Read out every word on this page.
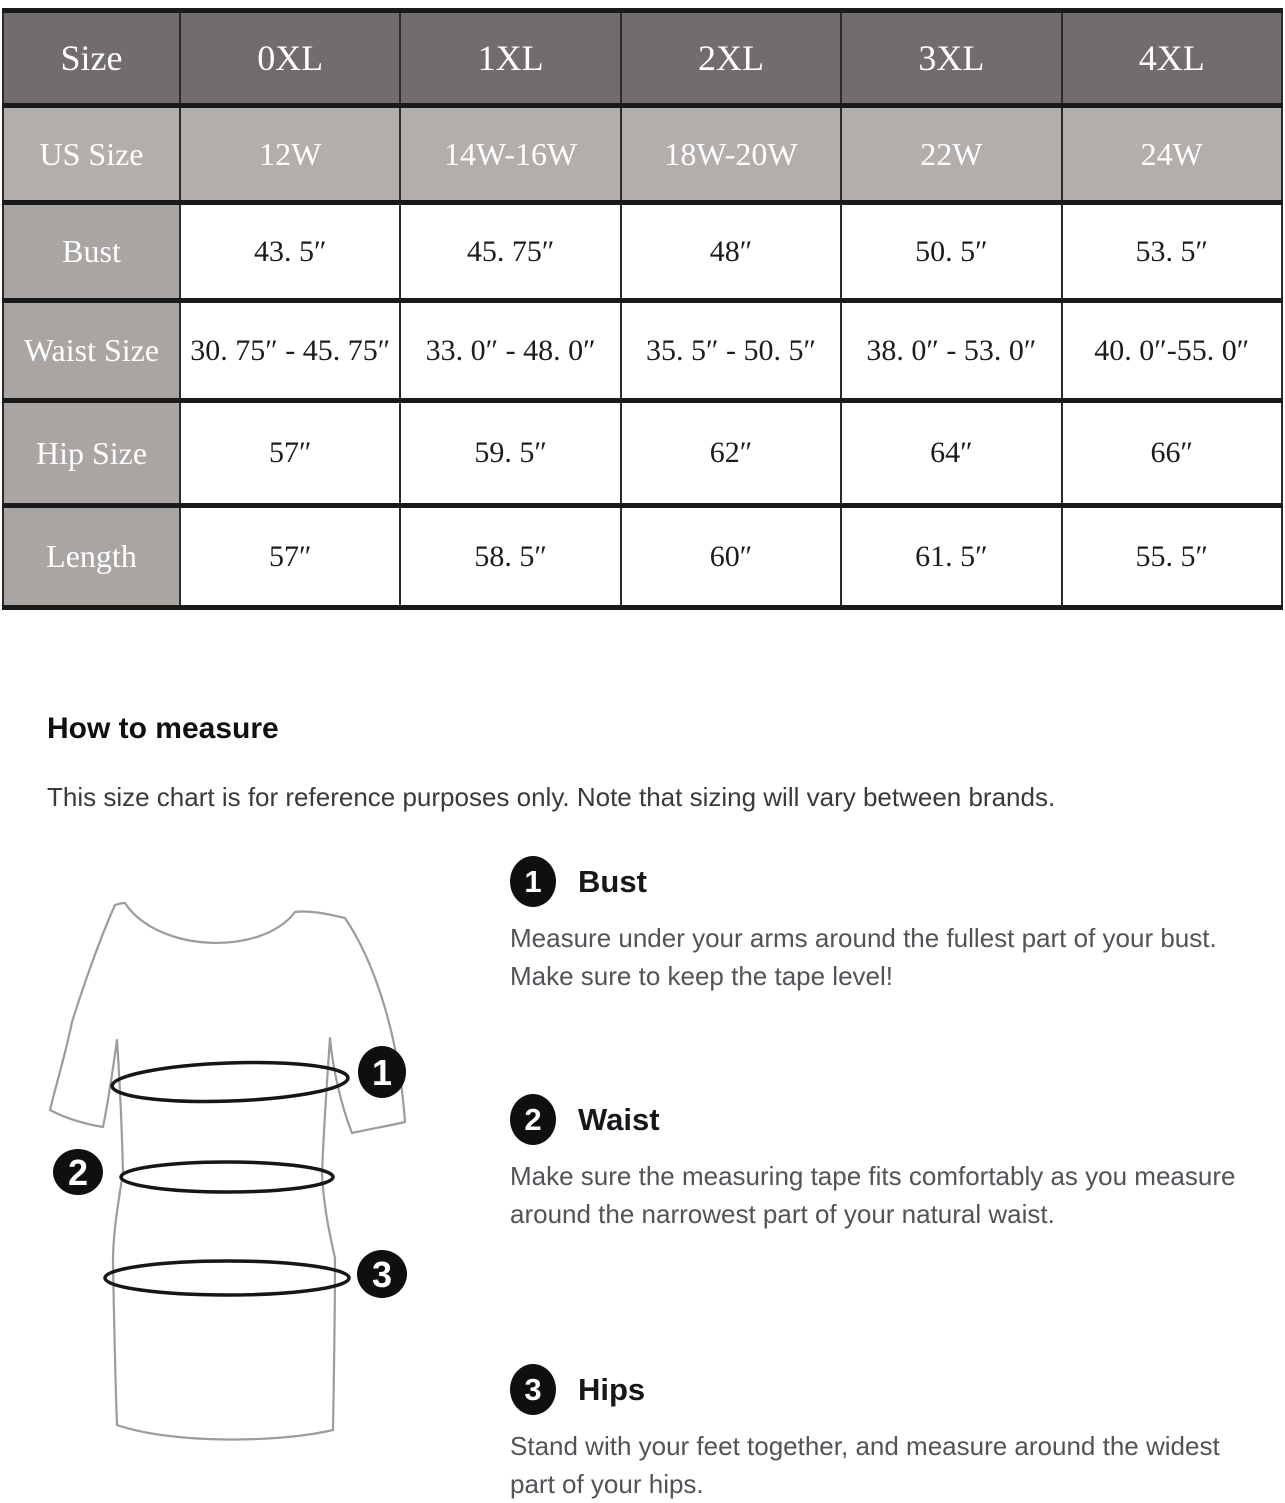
Size	0XL	1XL	2XL	3XL	4XL
US Size	12W	14W-16W	18W-20W	22W	24W
Bust	43. 5″	45. 75″	48″	50. 5″	53. 5″
Waist Size	30. 75″ - 45. 75″	33. 0″ - 48. 0″	35. 5″ - 50. 5″	38. 0″ - 53. 0″	40. 0″-55. 0″
Hip Size	57″	59. 5″	62″	64″	66″
Length	57″	58. 5″	60″	61. 5″	55. 5″
How to measure
This size chart is for reference purposes only. Note that sizing will vary between brands.
1
2
3
1	Bust
Measure under your arms around the fullest part of your bust. Make sure to keep the tape level!
2	Waist
Make sure the measuring tape fits comfortably as you measure around the narrowest part of your natural waist.
3	Hips
Stand with your feet together, and measure around the widest part of your hips.
